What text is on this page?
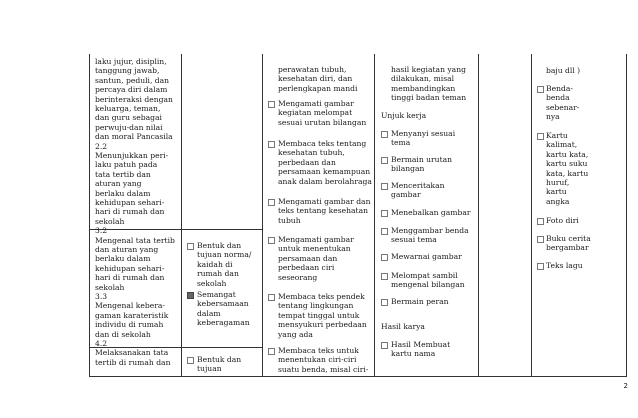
laku jujur, disiplin,
tanggung jawab,
santun, peduli, dan
percaya diri dalam
berinteraksi dengan
keluarga, teman,
dan guru sebagai
perwuju-dan nilai
dan moral Pancasila
2.2
Menunjukkan peri-
laku patuh pada
tata tertib dan
aturan yang
berlaku dalam
kehidupan sehari-
hari di rumah dan
sekolah
3.2
Mengenal tata tertib
dan aturan yang
berlaku dalam
kehidupan sehari-
hari di rumah dan
sekolah
3.3
Mengenal kebera-
gaman karateristik
individu di rumah
dan di sekolah
4.2
Melaksanakan tata
tertib di rumah dan
Bentuk dan
tujuan norma/
kaidah di
rumah dan
sekolah
Semangat
kebersamaan
dalam
keberagaman
Bentuk dan
tujuan
perawatan tubuh,
kesehatan diri, dan
perlengkapan mandi
Mengamati gambar
kegiatan melompat
sesuai urutan bilangan
Membaca teks tentang
kesehatan tubuh,
perbedaan dan
persamaan kemampuan
anak dalam berolahraga
Mengamati gambar dan
teks tentang kesehatan
tubuh
Mengamati gambar
untuk menentukan
persamaan dan
perbedaan ciri
seseorang
Membaca teks pendek
tentang lingkungan
tempat tinggal untuk
mensyukuri perbedaan
yang ada
Membaca teks untuk
menentukan ciri-ciri
suatu benda, misal ciri-
hasil kegiatan yang
dilakukan, misal
membandingkan
tinggi badan teman
Unjuk kerja
Menyanyi sesuai
tema
Bermain urutan
bilangan
Menceritakan
gambar
Menebalkan gambar
Menggambar benda
sesuai tema
Mewarnai gambar
Melompat sambil
mengenal bilangan
Bermain peran
Hasil karya
Hasil Membuat
kartu nama
baju dll )
Benda-
benda
sebenar-
nya
Kartu
kalimat,
kartu kata,
kartu suku
kata, kartu
huruf,
kartu
angka
Foto diri
Buku cerita
bergambar
Teks lagu
2
